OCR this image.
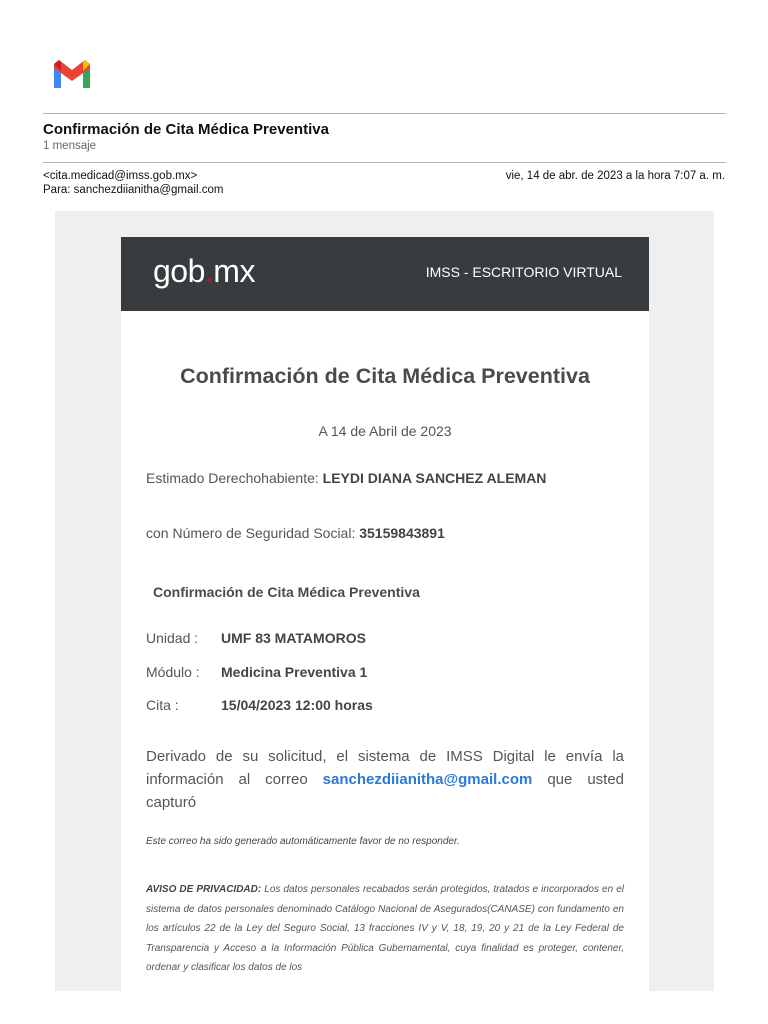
Confirmación de Cita Médica Preventiva
1 mensaje
<cita.medicad@imss.gob.mx>
Para: sanchezdiianitha@gmail.com
vie, 14 de abr. de 2023 a la hora 7:07 a. m.
gob.mx	IMSS - ESCRITORIO VIRTUAL
Confirmación de Cita Médica Preventiva
A 14 de Abril de 2023
Estimado Derechohabiente: LEYDI DIANA SANCHEZ ALEMAN
con Número de Seguridad Social: 35159843891
Confirmación de Cita Médica Preventiva
Unidad : UMF 83 MATAMOROS
Módulo : Medicina Preventiva 1
Cita :	15/04/2023 12:00 horas
Derivado de su solicitud, el sistema de IMSS Digital le envía la información al correo sanchezdiianitha@gmail.com que usted capturó
Este correo ha sido generado automáticamente favor de no responder.
AVISO DE PRIVACIDAD: Los datos personales recabados serán protegidos, tratados e incorporados en el sistema de datos personales denominado Catálogo Nacional de Asegurados(CANASE) con fundamento en los artículos 22 de la Ley del Seguro Social, 13 fracciones IV y V, 18, 19, 20 y 21 de la Ley Federal de Transparencia y Acceso a la Información Pública Gubernamental, cuya finalidad es proteger, contener, ordenar y clasificar los datos de los
